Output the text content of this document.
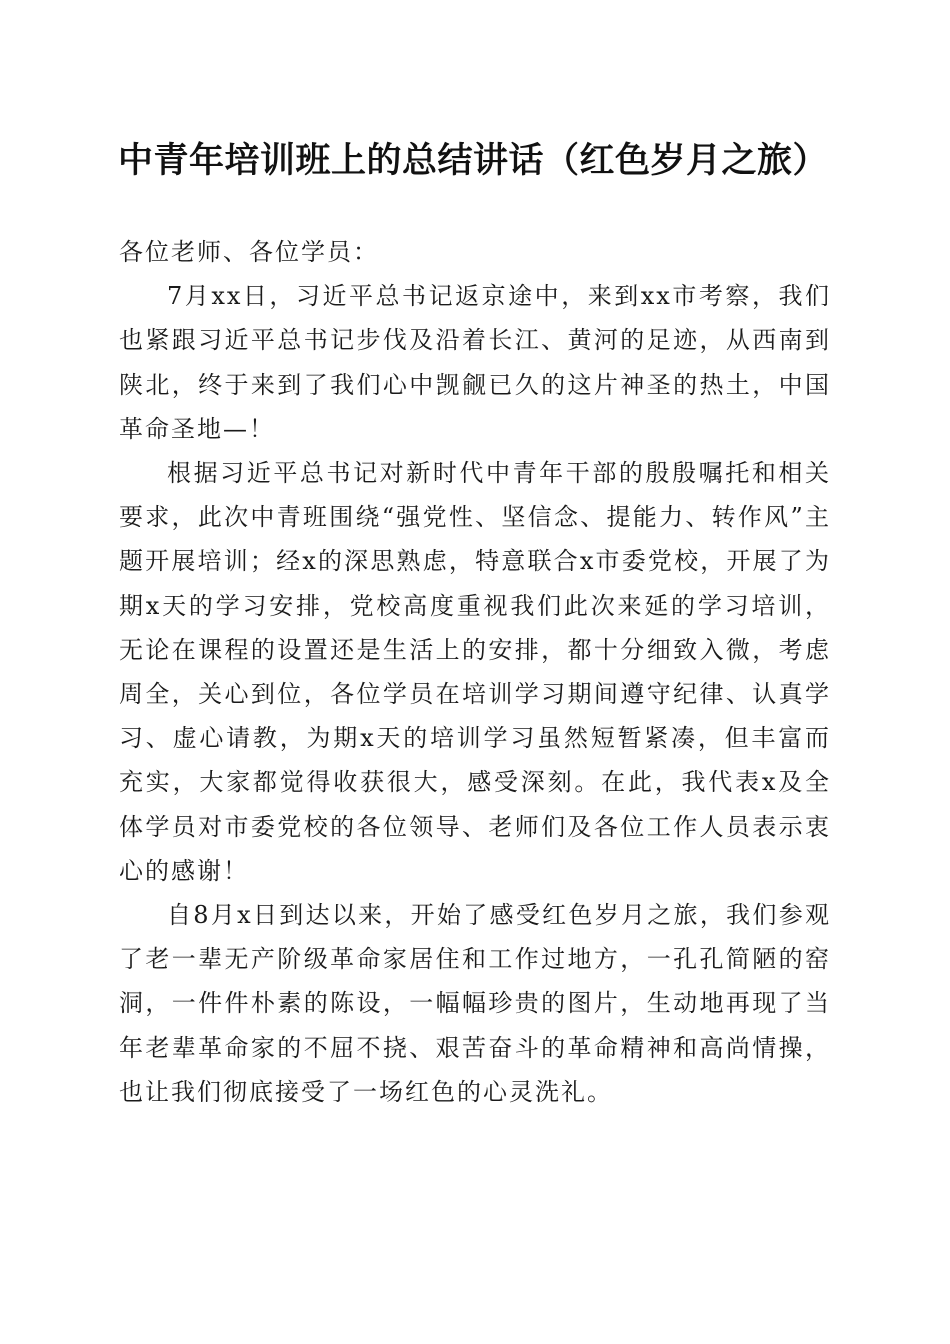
中青年培训班上的总结讲话（红色岁月之旅）

各位老师、各位学员：

7月xx日，习近平总书记返京途中，来到xx市考察，我们也紧跟习近平总书记步伐及沿着长江、黄河的足迹，从西南到陕北，终于来到了我们心中觊觎已久的这片神圣的热土，中国革命圣地—！

根据习近平总书记对新时代中青年干部的殷殷嘱托和相关要求，此次中青班围绕“强党性、坚信念、提能力、转作风”主题开展培训；经x的深思熟虑，特意联合x市委党校，开展了为期x天的学习安排，党校高度重视我们此次来延的学习培训，无论在课程的设置还是生活上的安排，都十分细致入微，考虑周全，关心到位，各位学员在培训学习期间遵守纪律、认真学习、虚心请教，为期x天的培训学习虽然短暂紧凑，但丰富而充实，大家都觉得收获很大，感受深刻。在此，我代表x及全体学员对市委党校的各位领导、老师们及各位工作人员表示衷心的感谢！

自8月x日到达以来，开始了感受红色岁月之旅，我们参观了老一辈无产阶级革命家居住和工作过地方，一孔孔简陋的窑洞，一件件朴素的陈设，一幅幅珍贵的图片，生动地再现了当年老辈革命家的不屈不挠、艰苦奋斗的革命精神和高尚情操，也让我们彻底接受了一场红色的心灵洗礼。
